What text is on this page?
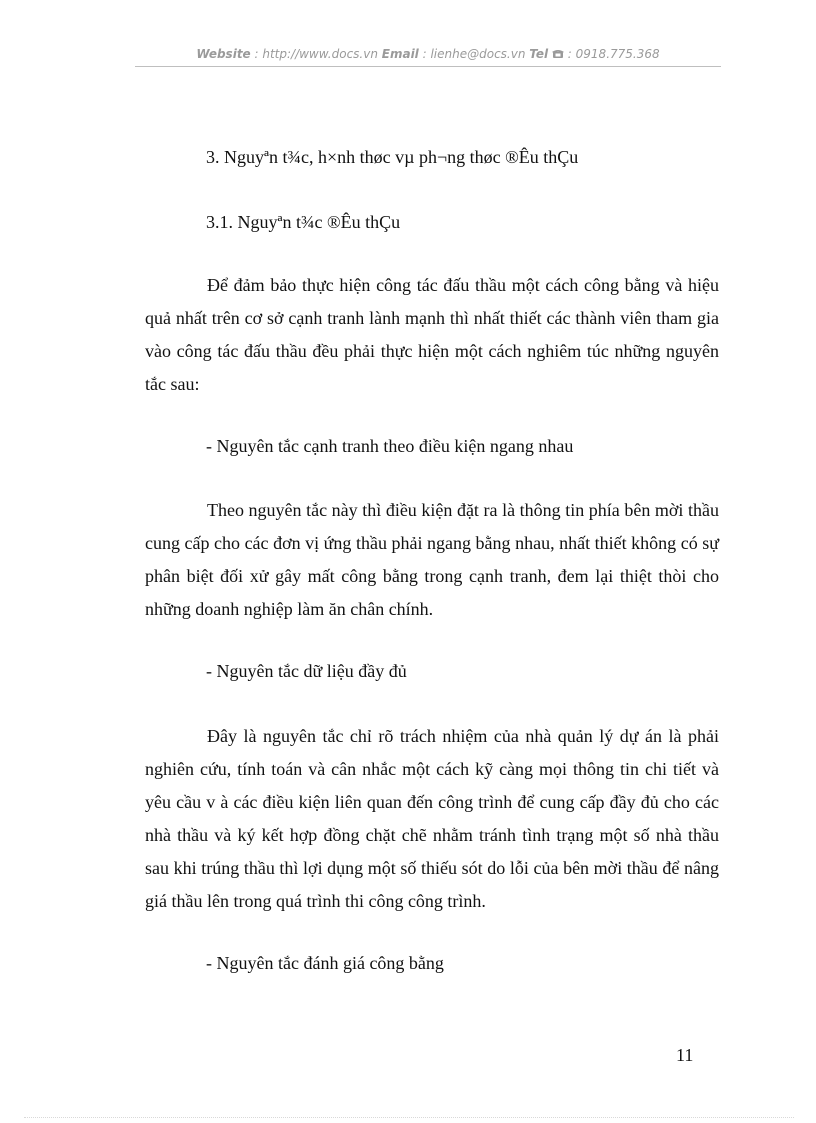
Website : http://www.docs.vn Email : lienhe@docs.vn Tel  : 0918.775.368
3. Nguyªn t¾c, h×nh thøc vµ ph¬ng thøc ®Êu thÇu
3.1. Nguyªn t¾c ®Êu thÇu
Để đảm bảo thực hiện công tác đấu thầu một cách công bằng và hiệu quả nhất trên cơ sở cạnh tranh lành mạnh thì nhất thiết các thành viên tham gia vào công tác đấu thầu đều phải thực hiện một cách nghiêm túc những nguyên tắc sau:
- Nguyên tắc cạnh tranh theo điều kiện ngang nhau
Theo nguyên tắc này thì điều kiện đặt ra là thông tin phía bên mời thầu cung cấp cho các đơn vị ứng thầu phải ngang bằng nhau, nhất thiết không có sự phân biệt đối xử gây mất công bằng trong cạnh tranh, đem lại thiệt thòi cho những doanh nghiệp làm ăn chân chính.
- Nguyên tắc dữ liệu đầy đủ
Đây là nguyên tắc chỉ rõ trách nhiệm của nhà quản lý dự án là phải nghiên cứu, tính toán và cân nhắc một cách kỹ càng mọi thông tin chi tiết và yêu cầu v à các điều kiện liên quan đến công trình để cung cấp đầy đủ cho các nhà thầu và ký kết hợp đồng chặt chẽ nhằm tránh tình trạng một số nhà thầu sau khi trúng thầu thì lợi dụng một số thiếu sót do lỗi của bên mời thầu để nâng giá thầu lên trong quá trình thi công công trình.
- Nguyên tắc đánh giá công bằng
11
